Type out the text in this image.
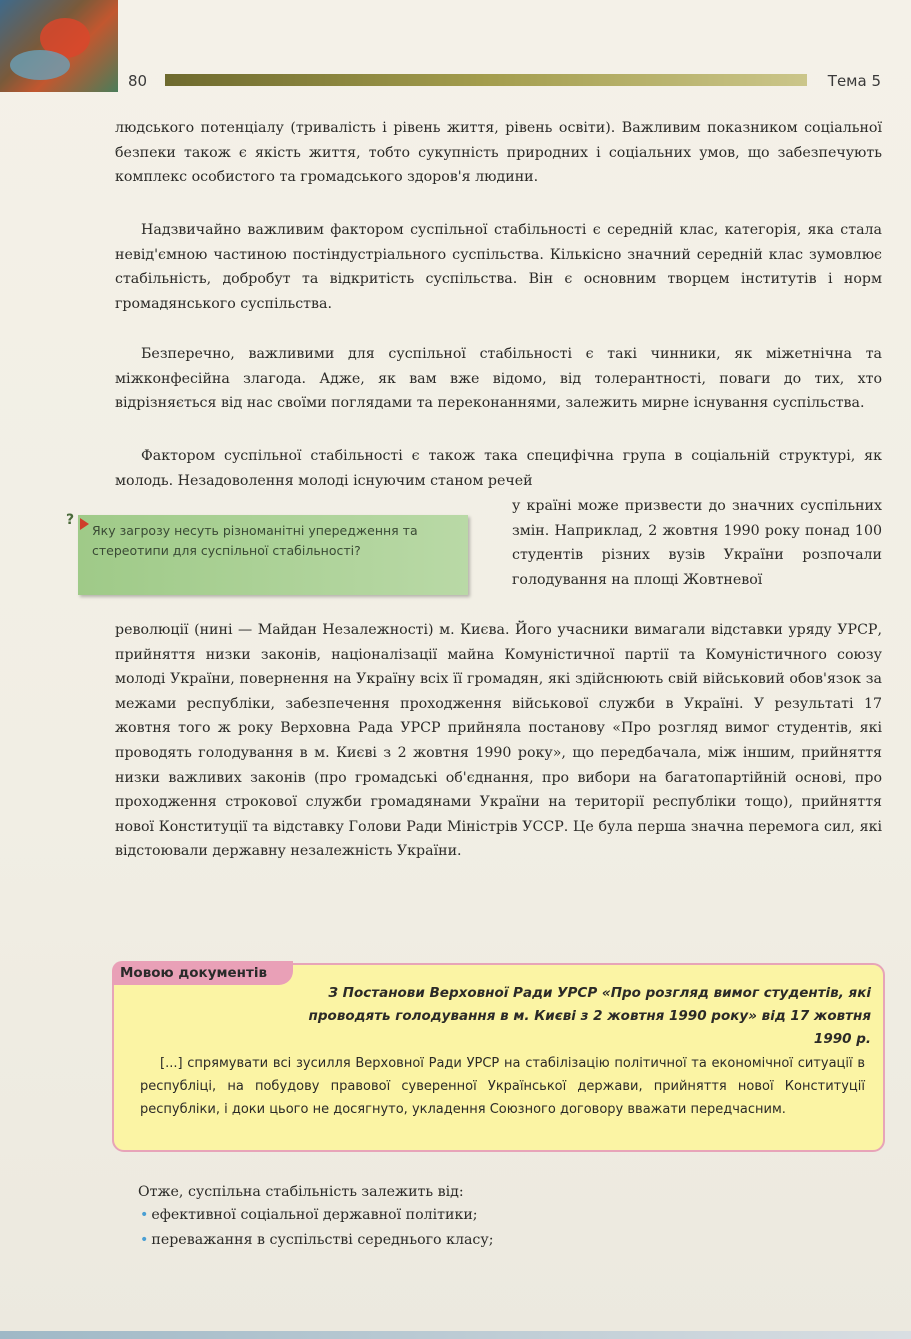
80	Тема 5

людського потенціалу (тривалість і рівень життя, рівень освіти). Важливим показником соціальної безпеки також є якість життя, тобто сукупність природних і соціальних умов, що забезпечують комплекс особистого та громадського здоров'я людини.

Надзвичайно важливим фактором суспільної стабільності є середній клас, категорія, яка стала невід'ємною частиною постіндустріального суспільства. Кількісно значний середній клас зумовлює стабільність, добробут та відкритість суспільства. Він є основним творцем інститутів і норм громадянського суспільства.

Безперечно, важливими для суспільної стабільності є такі чинники, як міжетнічна та міжконфесійна злагода. Адже, як вам вже відомо, від толерантності, поваги до тих, хто відрізняється від нас своїми поглядами та переконаннями, залежить мирне існування суспільства.

Фактором суспільної стабільності є також така специфічна група в соціальній структурі, як молодь. Незадоволення молоді існуючим станом речей

у країні може призвести до значних суспільних змін. Наприклад, 2 жовтня 1990 року понад 100 студентів різних вузів України розпочали голодування на площі Жовтневої

?
Яку загрозу несуть різноманітні упередження та стереотипи для суспільної стабільності?

революції (нині — Майдан Незалежності) м. Києва. Його учасники вимагали відставки уряду УРСР, прийняття низки законів, націоналізації майна Комуністичної партії та Комуністичного союзу молоді України, повернення на Україну всіх її громадян, які здійснюють свій військовий обов'язок за межами республіки, забезпечення проходження військової служби в Україні. У результаті 17 жовтня того ж року Верховна Рада УРСР прийняла постанову «Про розгляд вимог студентів, які проводять голодування в м. Києві з 2 жовтня 1990 року», що передбачала, між іншим, прийняття низки важливих законів (про громадські об'єднання, про вибори на багатопартійній основі, про проходження строкової служби громадянами України на території республіки тощо), прийняття нової Конституції та відставку Голови Ради Міністрів УССР. Це була перша значна перемога сил, які відстоювали державну незалежність України.

Мовою документів
З Постанови Верховної Ради УРСР «Про розгляд вимог студентів, які проводять голодування в м. Києві з 2 жовтня 1990 року» від 17 жовтня 1990 р.
[...] спрямувати всі зусилля Верховної Ради УРСР на стабілізацію політичної та економічної ситуації в республіці, на побудову правової суверенної Української держави, прийняття нової Конституції республіки, і доки цього не досягнуто, укладення Союзного договору вважати передчасним.

Отже, суспільна стабільність залежить від:

• ефективної соціальної державної політики;
• переважання в суспільстві середнього класу;
